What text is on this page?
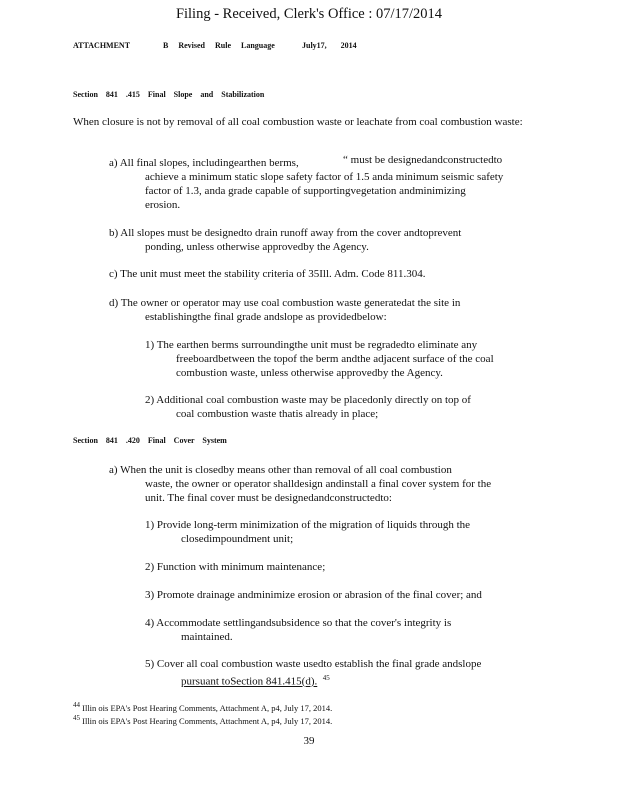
Filing - Received, Clerk's Office : 07/17/2014
ATTACHMENT	B Revised Rule Language	July17, 2014
Section 841 .415 Final Slope and Stabilization
When closure is not by removal of all coal combustion waste or leachate from coal combustion waste:
a) All final slopes, includingearthen berms,	“ must be designedandconstructedto
achieve a minimum static slope safety factor of 1.5 anda minimum seismic safety
factor of 1.3, anda grade capable of supportingvegetation andminimizing
erosion.
b) All slopes must be designedto drain runoff away from the cover andtoprevent
ponding, unless otherwise approvedby the Agency.
c) The unit must meet the stability criteria of 35Ill. Adm. Code 811.304.
d) The owner or operator may use coal combustion waste generatedat the site in
establishingthe final grade andslope as providedbelow:
1) The earthen berms surroundingthe unit must be regradedto eliminate any
freeboardbetween the topof the berm andthe adjacent surface of the coal
combustion waste, unless otherwise approvedby the Agency.
2) Additional coal combustion waste may be placedonly directly on top of
coal combustion waste thatis already in place;
Section 841 .420 Final Cover System
a) When the unit is closedby means other than removal of all coal combustion
waste, the owner or operator shalldesign andinstall a final cover system for the
unit. The final cover must be designedandconstructedto:
1) Provide long-term minimization of the migration of liquids through the
closedimpoundment unit;
2) Function with minimum maintenance;
3) Promote drainage andminimize erosion or abrasion of the final cover; and
4) Accommodate settlingandsubsidence so that the cover's integrity is
maintained.
5) Cover all coal combustion waste usedto establish the final grade andslope
pursuant toSection 841.415(d). $^{45}$
$^{44}$ Illin ois EPA's Post Hearing Comments, Attachment A, p4, July 17, 2014.
$^{45}$ Illin ois EPA's Post Hearing Comments, Attachment A, p4, July 17, 2014.
39
